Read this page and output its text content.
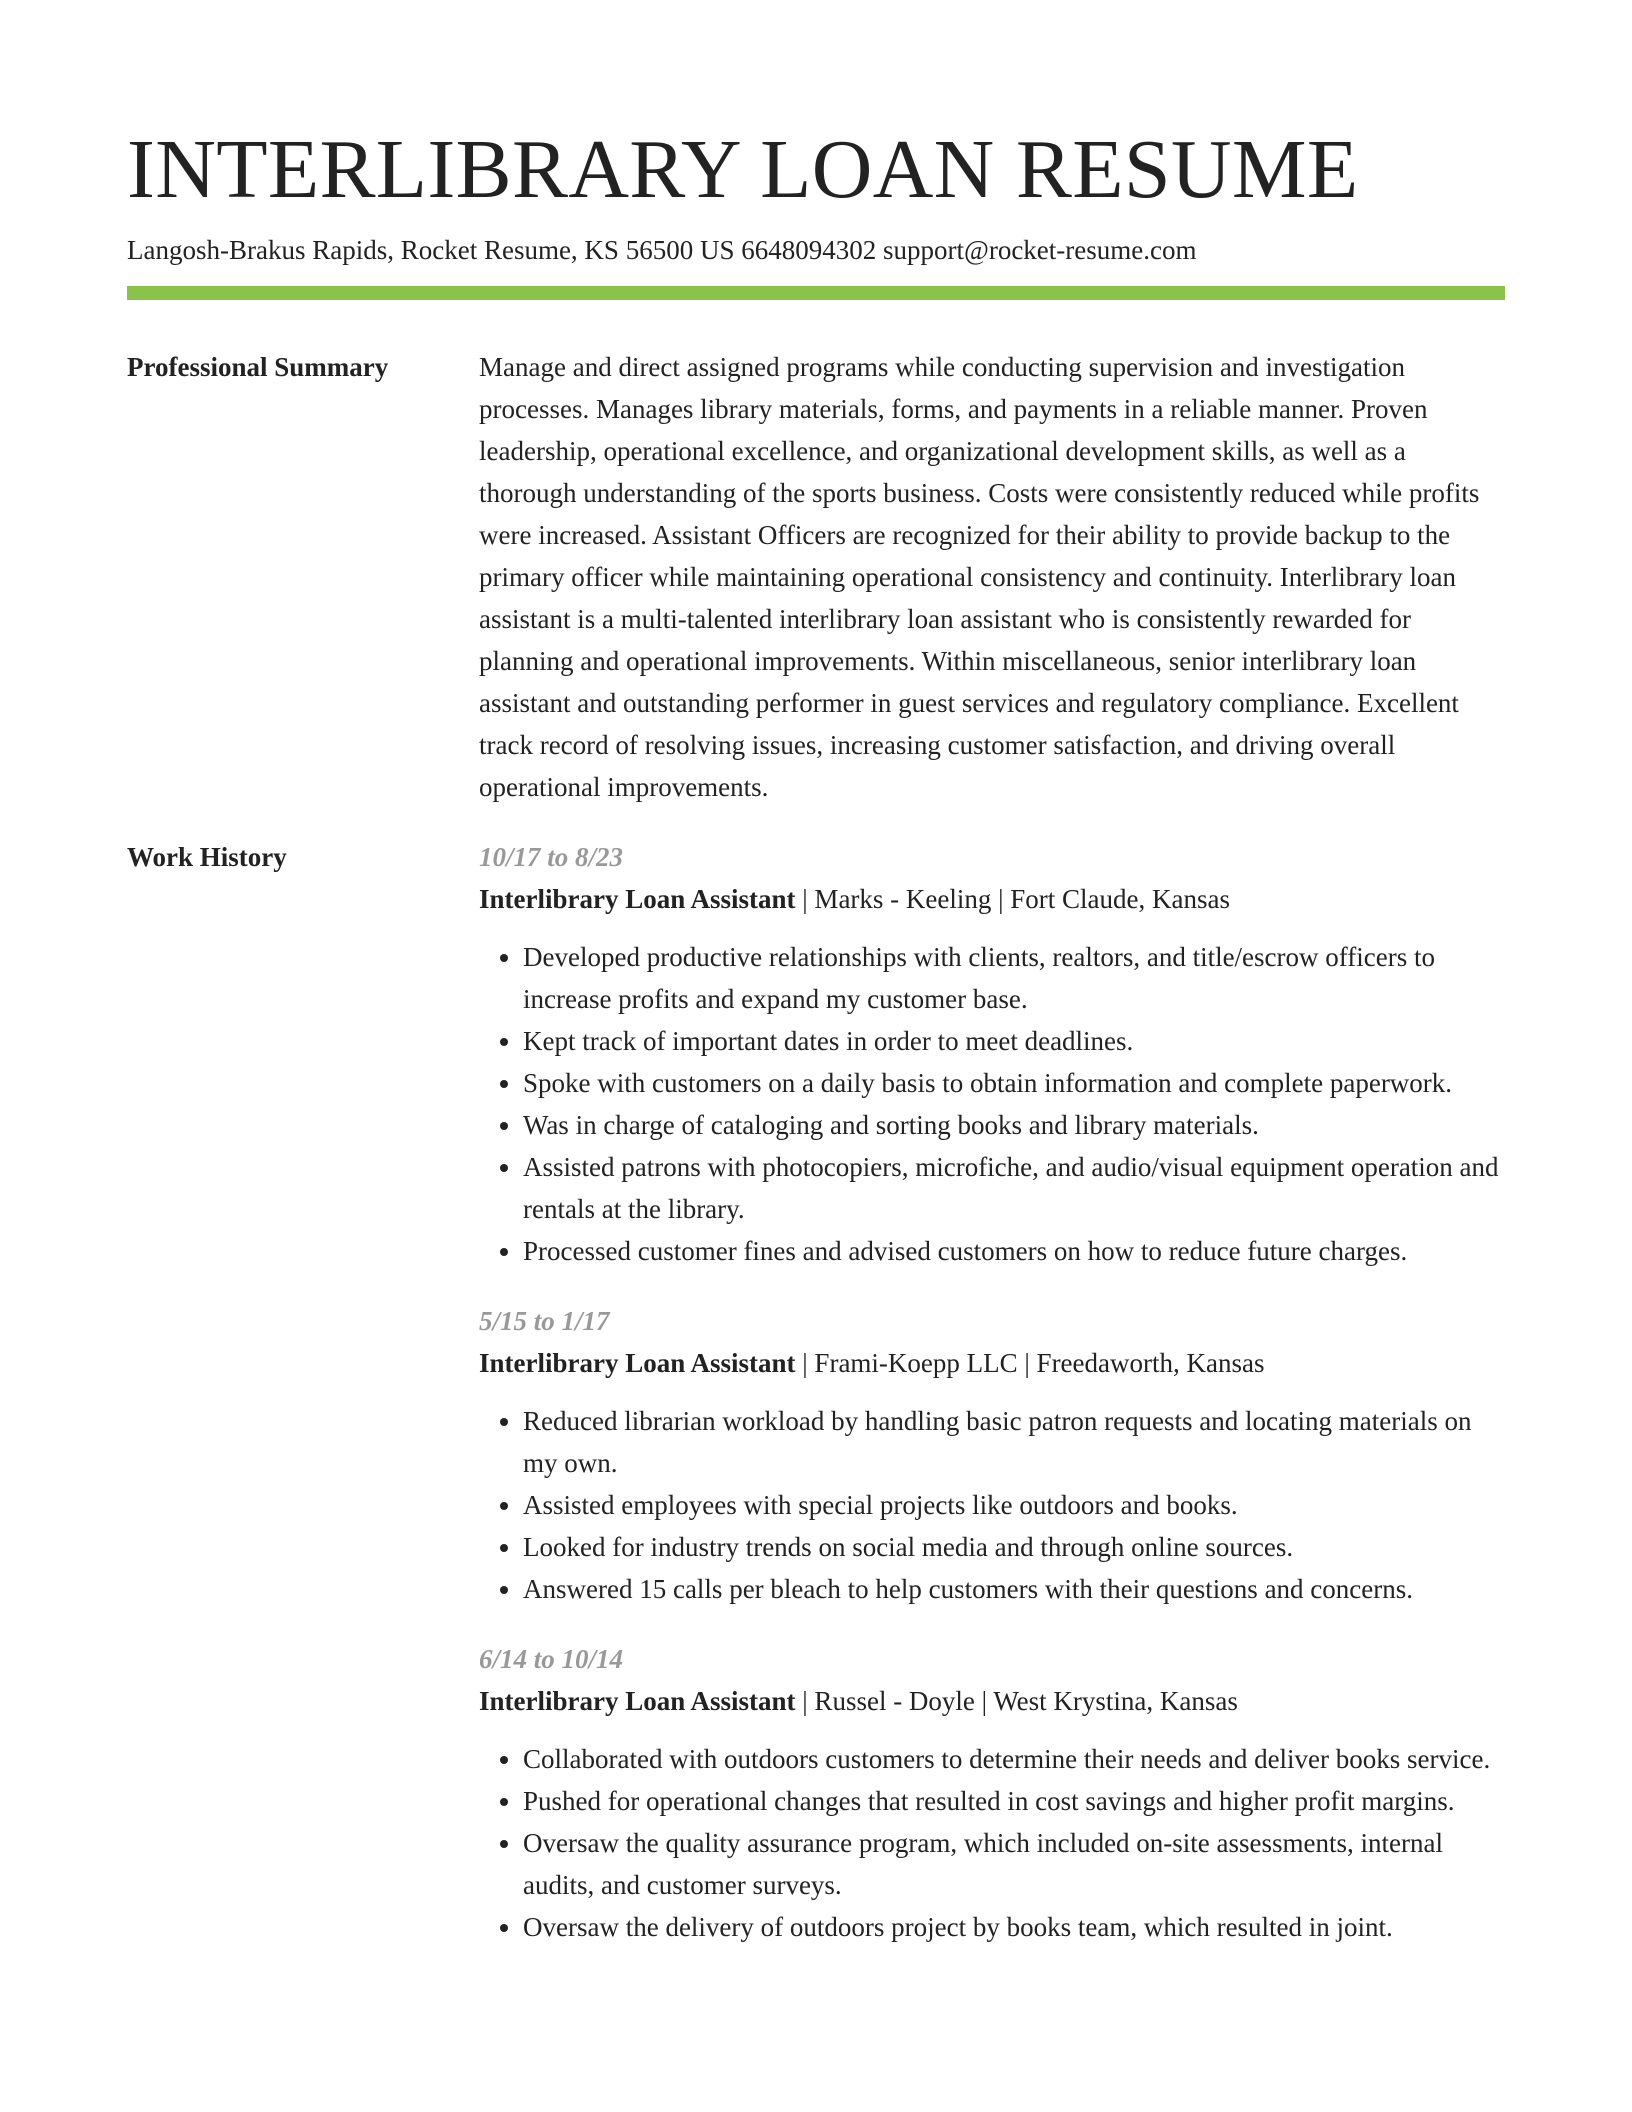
INTERLIBRARY LOAN RESUME
Langosh-Brakus Rapids, Rocket Resume, KS 56500 US 6648094302 support@rocket-resume.com
Professional Summary	Manage and direct assigned programs while conducting supervision and investigation processes. Manages library materials, forms, and payments in a reliable manner. Proven leadership, operational excellence, and organizational development skills, as well as a thorough understanding of the sports business. Costs were consistently reduced while profits were increased. Assistant Officers are recognized for their ability to provide backup to the primary officer while maintaining operational consistency and continuity. Interlibrary loan assistant is a multi-talented interlibrary loan assistant who is consistently rewarded for planning and operational improvements. Within miscellaneous, senior interlibrary loan assistant and outstanding performer in guest services and regulatory compliance. Excellent track record of resolving issues, increasing customer satisfaction, and driving overall operational improvements.

Work History	10/17 to 8/23
Interlibrary Loan Assistant | Marks - Keeling | Fort Claude, Kansas
• Developed productive relationships with clients, realtors, and title/escrow officers to increase profits and expand my customer base.
• Kept track of important dates in order to meet deadlines.
• Spoke with customers on a daily basis to obtain information and complete paperwork.
• Was in charge of cataloging and sorting books and library materials.
• Assisted patrons with photocopiers, microfiche, and audio/visual equipment operation and rentals at the library.
• Processed customer fines and advised customers on how to reduce future charges.
5/15 to 1/17
Interlibrary Loan Assistant | Frami-Koepp LLC | Freedaworth, Kansas
• Reduced librarian workload by handling basic patron requests and locating materials on my own.
• Assisted employees with special projects like outdoors and books.
• Looked for industry trends on social media and through online sources.
• Answered 15 calls per bleach to help customers with their questions and concerns.
6/14 to 10/14
Interlibrary Loan Assistant | Russel - Doyle | West Krystina, Kansas
• Collaborated with outdoors customers to determine their needs and deliver books service.
• Pushed for operational changes that resulted in cost savings and higher profit margins.
• Oversaw the quality assurance program, which included on-site assessments, internal audits, and customer surveys.
• Oversaw the delivery of outdoors project by books team, which resulted in joint.
